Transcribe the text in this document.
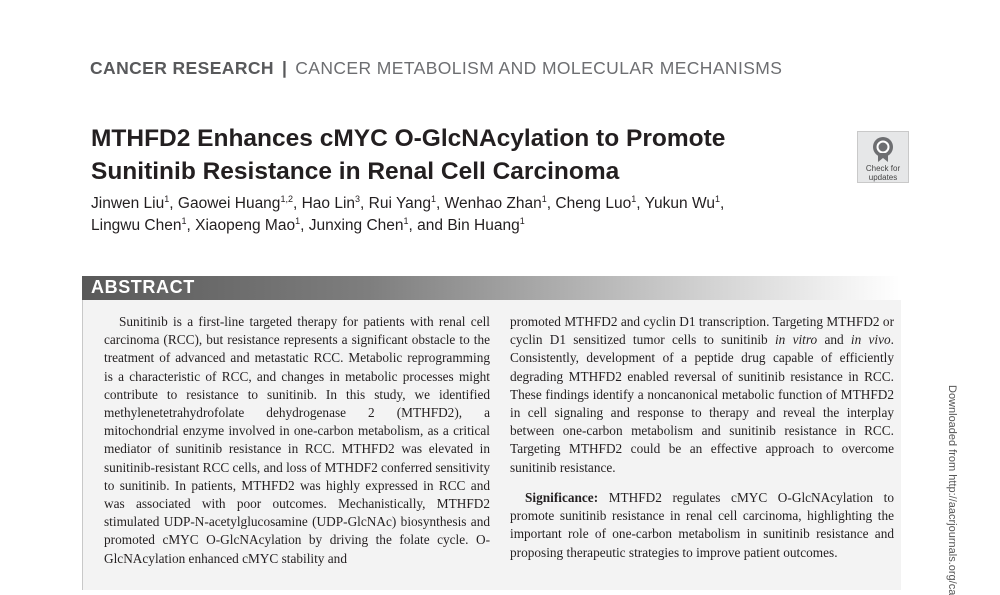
CANCER RESEARCH | CANCER METABOLISM AND MOLECULAR MECHANISMS
MTHFD2 Enhances cMYC O-GlcNAcylation to Promote
Sunitinib Resistance in Renal Cell Carcinoma
Jinwen Liu$^1$, Gaowei Huang$^{1,2}$, Hao Lin$^3$, Rui Yang$^1$, Wenhao Zhan$^1$, Cheng Luo$^1$, Yukun Wu$^1$,
Lingwu Chen$^1$, Xiaopeng Mao$^1$, Junxing Chen$^1$, and Bin Huang$^1$
Check for updates
ABSTRACT
Sunitinib is a first-line targeted therapy for patients with renal cell carcinoma (RCC), but resistance represents a significant obstacle to the treatment of advanced and metastatic RCC. Metabolic reprogramming is a characteristic of RCC, and changes in metabolic processes might contribute to resistance to sunitinib. In this study, we identified methylenetetrahydrofolate dehydrogenase 2 (MTHFD2), a mitochondrial enzyme involved in one-carbon metabolism, as a critical mediator of sunitinib resistance in RCC. MTHFD2 was elevated in sunitinib-resistant RCC cells, and loss of MTHDF2 conferred sensitivity to sunitinib. In patients, MTHFD2 was highly expressed in RCC and was associated with poor outcomes. Mechanistically, MTHFD2 stimulated UDP-N-acetylglucosamine (UDP-GlcNAc) biosynthesis and promoted cMYC O-GlcNAcylation by driving the folate cycle. O-GlcNAcylation enhanced cMYC stability and

promoted MTHFD2 and cyclin D1 transcription. Targeting MTHFD2 or cyclin D1 sensitized tumor cells to sunitinib in vitro and in vivo. Consistently, development of a peptide drug capable of efficiently degrading MTHFD2 enabled reversal of sunitinib resistance in RCC. These findings identify a noncanonical metabolic function of MTHFD2 in cell signaling and response to therapy and reveal the interplay between one-carbon metabolism and sunitinib resistance in RCC. Targeting MTHFD2 could be an effective approach to overcome sunitinib resistance.

Significance: MTHFD2 regulates cMYC O-GlcNAcylation to promote sunitinib resistance in renal cell carcinoma, highlighting the important role of one-carbon metabolism in sunitinib resistance and proposing therapeutic strategies to improve patient outcomes.	Downloaded from http://aacrjournals.org/ca
